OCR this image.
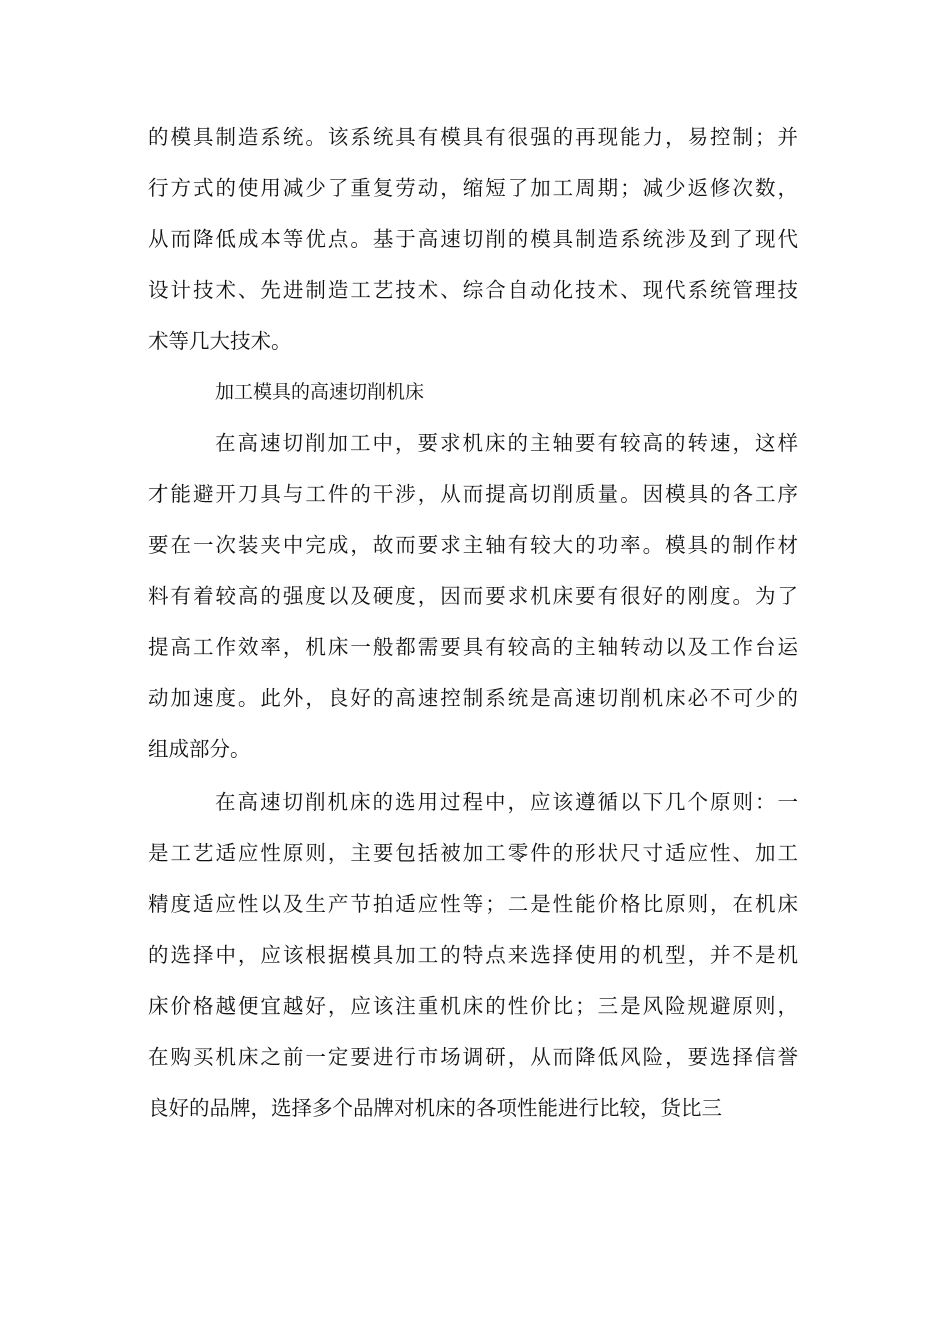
的模具制造系统。该系统具有模具有很强的再现能力，易控制；并
行方式的使用减少了重复劳动，缩短了加工周期；减少返修次数，
从而降低成本等优点。基于高速切削的模具制造系统涉及到了现代
设计技术、先进制造工艺技术、综合自动化技术、现代系统管理技
术等几大技术。
加工模具的高速切削机床
在高速切削加工中，要求机床的主轴要有较高的转速，这样
才能避开刀具与工件的干涉，从而提高切削质量。因模具的各工序
要在一次装夹中完成，故而要求主轴有较大的功率。模具的制作材
料有着较高的强度以及硬度，因而要求机床要有很好的刚度。为了
提高工作效率，机床一般都需要具有较高的主轴转动以及工作台运
动加速度。此外，良好的高速控制系统是高速切削机床必不可少的
组成部分。
在高速切削机床的选用过程中，应该遵循以下几个原则：一
是工艺适应性原则，主要包括被加工零件的形状尺寸适应性、加工
精度适应性以及生产节拍适应性等；二是性能价格比原则，在机床
的选择中，应该根据模具加工的特点来选择使用的机型，并不是机
床价格越便宜越好，应该注重机床的性价比；三是风险规避原则，
在购买机床之前一定要进行市场调研，从而降低风险，要选择信誉
良好的品牌，选择多个品牌对机床的各项性能进行比较，货比三
